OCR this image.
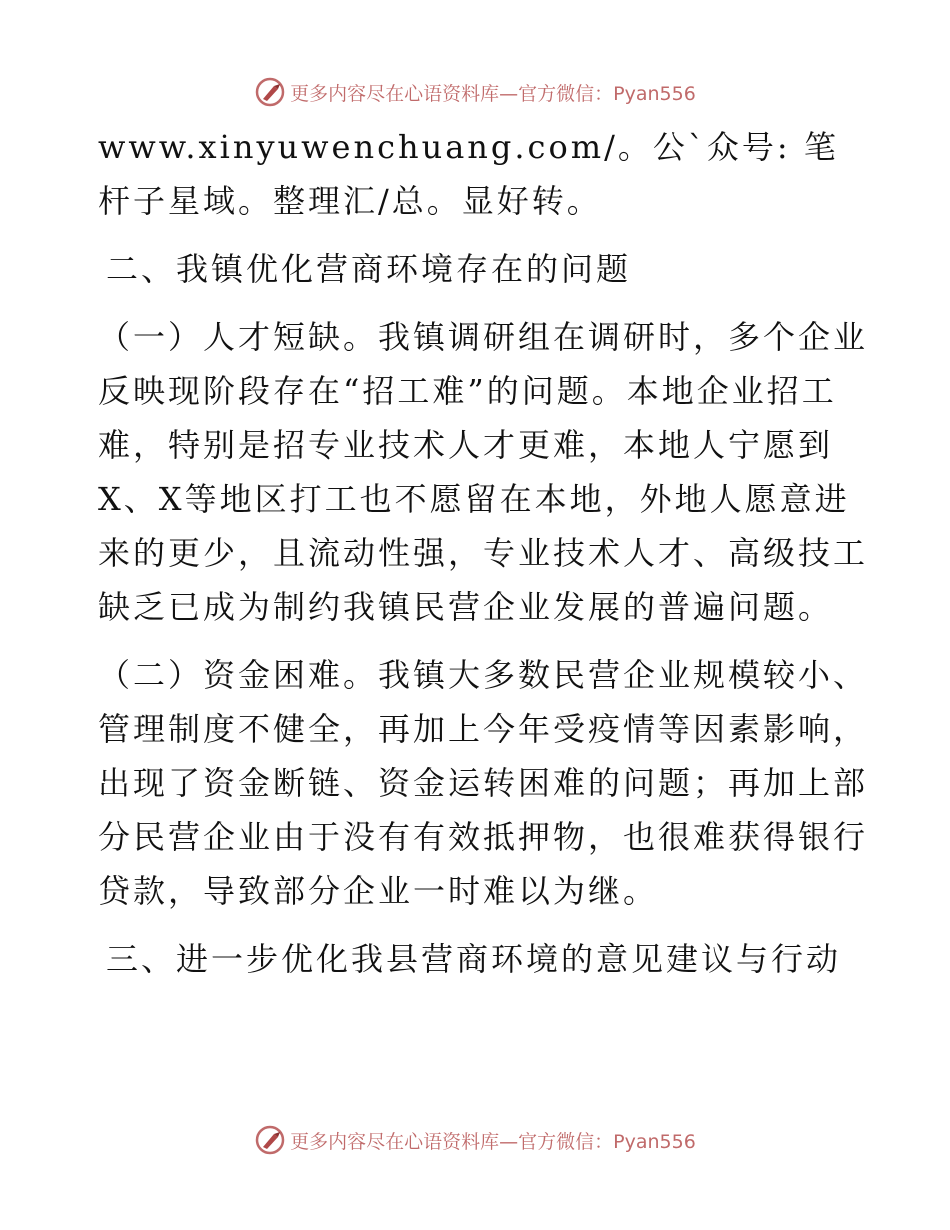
更多内容尽在心语资料库—官方微信：Pyan556

www.xinyuwenchuang.com/。公`众号: 笔杆子星域。整理汇/总。显好转。

二、我镇优化营商环境存在的问题

（一）人才短缺。我镇调研组在调研时，多个企业反映现阶段存在“招工难”的问题。本地企业招工难，特别是招专业技术人才更难，本地人宁愿到X、X等地区打工也不愿留在本地，外地人愿意进来的更少，且流动性强，专业技术人才、高级技工缺乏已成为制约我镇民营企业发展的普遍问题。

（二）资金困难。我镇大多数民营企业规模较小、管理制度不健全，再加上今年受疫情等因素影响，出现了资金断链、资金运转困难的问题；再加上部分民营企业由于没有有效抵押物，也很难获得银行贷款，导致部分企业一时难以为继。

三、进一步优化我县营商环境的意见建议与行动

更多内容尽在心语资料库—官方微信：Pyan556
